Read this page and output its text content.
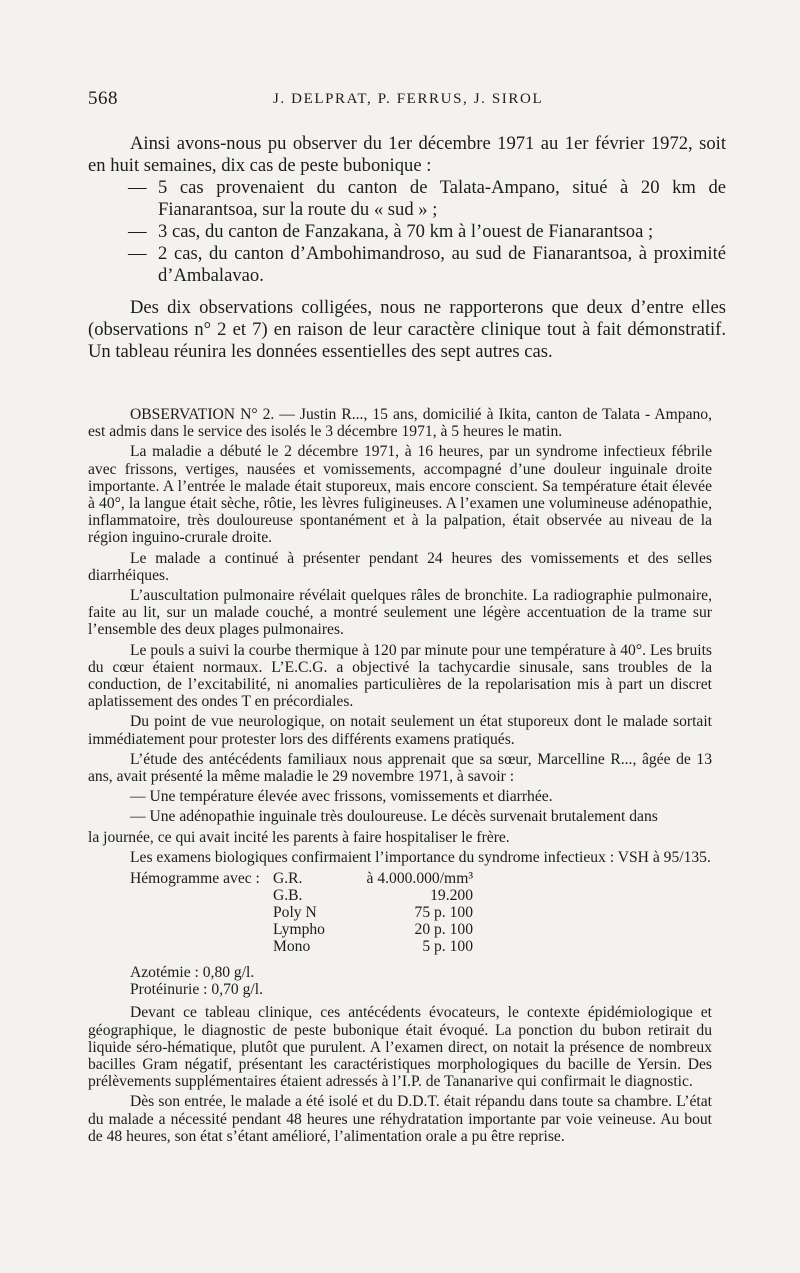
568	J. DELPRAT, P. FERRUS, J. SIROL

Ainsi avons-nous pu observer du 1er décembre 1971 au 1er février 1972, soit en huit semaines, dix cas de peste bubonique :

— 5 cas provenaient du canton de Talata-Ampano, situé à 20 km de Fianarantsoa, sur la route du « sud » ;

— 3 cas, du canton de Fanzakana, à 70 km à l’ouest de Fianarantsoa ;

— 2 cas, du canton d’Ambohimandroso, au sud de Fianarantsoa, à proximité d’Ambalavao.

Des dix observations colligées, nous ne rapporterons que deux d’entre elles (observations n° 2 et 7) en raison de leur caractère clinique tout à fait démonstratif. Un tableau réunira les données essentielles des sept autres cas.

OBSERVATION N° 2. — Justin R..., 15 ans, domicilié à Ikita, canton de Talata - Ampano, est admis dans le service des isolés le 3 décembre 1971, à 5 heures le matin.

La maladie a débuté le 2 décembre 1971, à 16 heures, par un syndrome infectieux fébrile avec frissons, vertiges, nausées et vomissements, accompagné d’une douleur inguinale droite importante. A l’entrée le malade était stuporeux, mais encore conscient. Sa température était élevée à 40°, la langue était sèche, rôtie, les lèvres fuligineuses. A l’examen une volumineuse adénopathie, inflammatoire, très douloureuse spontanément et à la palpation, était observée au niveau de la région inguino-crurale droite.

Le malade a continué à présenter pendant 24 heures des vomissements et des selles diarrhéiques.

L’auscultation pulmonaire révélait quelques râles de bronchite. La radiographie pulmonaire, faite au lit, sur un malade couché, a montré seulement une légère accentuation de la trame sur l’ensemble des deux plages pulmonaires.

Le pouls a suivi la courbe thermique à 120 par minute pour une température à 40°. Les bruits du cœur étaient normaux. L’E.C.G. a objectivé la tachycardie sinusale, sans troubles de la conduction, de l’excitabilité, ni anomalies particulières de la repolarisation mis à part un discret aplatissement des ondes T en précordiales.

Du point de vue neurologique, on notait seulement un état stuporeux dont le malade sortait immédiatement pour protester lors des différents examens pratiqués.

L’étude des antécédents familiaux nous apprenait que sa sœur, Marcelline R..., âgée de 13 ans, avait présenté la même maladie le 29 novembre 1971, à savoir :

— Une température élevée avec frissons, vomissements et diarrhée.

— Une adénopathie inguinale très douloureuse. Le décès survenait brutalement dans

la journée, ce qui avait incité les parents à faire hospitaliser le frère.

Les examens biologiques confirmaient l’importance du syndrome infectieux : VSH à 95/135.

Hémogramme avec : G.R.	à 4.000.000/mm³
G.B.	19.200
Poly N	75 p. 100
Lympho	20 p. 100
Mono	5 p. 100
Azotémie : 0,80 g/l.
Protéinurie : 0,70 g/l.

Devant ce tableau clinique, ces antécédents évocateurs, le contexte épidémiologique et géographique, le diagnostic de peste bubonique était évoqué. La ponction du bubon retirait du liquide séro-hématique, plutôt que purulent. A l’examen direct, on notait la présence de nombreux bacilles Gram négatif, présentant les caractéristiques morphologiques du bacille de Yersin. Des prélèvements supplémentaires étaient adressés à l’I.P. de Tananarive qui confirmait le diagnostic.

Dès son entrée, le malade a été isolé et du D.D.T. était répandu dans toute sa chambre. L’état du malade a nécessité pendant 48 heures une réhydratation importante par voie veineuse. Au bout de 48 heures, son état s’étant amélioré, l’alimentation orale a pu être reprise.
